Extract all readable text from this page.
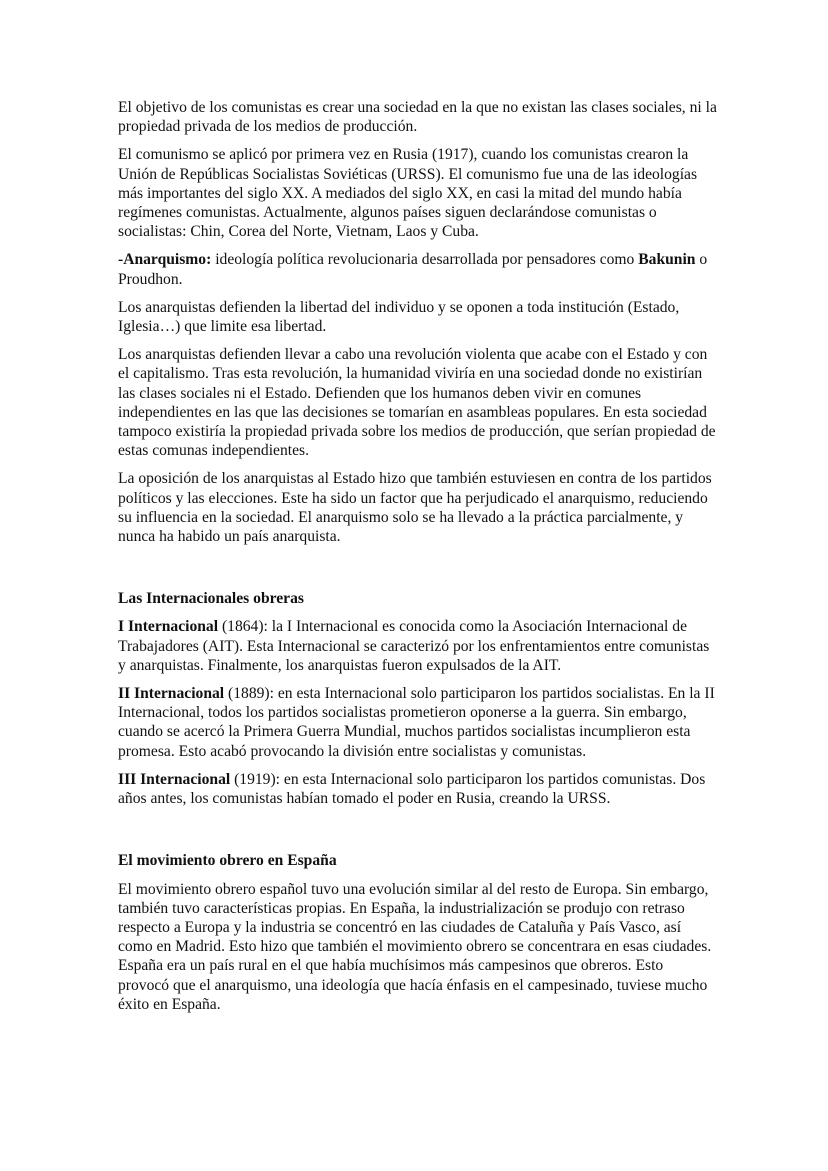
El objetivo de los comunistas es crear una sociedad en la que no existan las clases sociales, ni la propiedad privada de los medios de producción.

El comunismo se aplicó por primera vez en Rusia (1917), cuando los comunistas crearon la Unión de Repúblicas Socialistas Soviéticas (URSS). El comunismo fue una de las ideologías más importantes del siglo XX. A mediados del siglo XX, en casi la mitad del mundo había regímenes comunistas. Actualmente, algunos países siguen declarándose comunistas o socialistas: Chin, Corea del Norte, Vietnam, Laos y Cuba.

-Anarquismo: ideología política revolucionaria desarrollada por pensadores como Bakunin o Proudhon.

Los anarquistas defienden la libertad del individuo y se oponen a toda institución (Estado, Iglesia…) que limite esa libertad.

Los anarquistas defienden llevar a cabo una revolución violenta que acabe con el Estado y con el capitalismo. Tras esta revolución, la humanidad viviría en una sociedad donde no existirían las clases sociales ni el Estado. Defienden que los humanos deben vivir en comunes independientes en las que las decisiones se tomarían en asambleas populares. En esta sociedad tampoco existiría la propiedad privada sobre los medios de producción, que serían propiedad de estas comunas independientes.

La oposición de los anarquistas al Estado hizo que también estuviesen en contra de los partidos políticos y las elecciones. Este ha sido un factor que ha perjudicado el anarquismo, reduciendo su influencia en la sociedad. El anarquismo solo se ha llevado a la práctica parcialmente, y nunca ha habido un país anarquista.

Las Internacionales obreras

I Internacional (1864): la I Internacional es conocida como la Asociación Internacional de Trabajadores (AIT). Esta Internacional se caracterizó por los enfrentamientos entre comunistas y anarquistas. Finalmente, los anarquistas fueron expulsados de la AIT.

II Internacional (1889): en esta Internacional solo participaron los partidos socialistas. En la II Internacional, todos los partidos socialistas prometieron oponerse a la guerra. Sin embargo, cuando se acercó la Primera Guerra Mundial, muchos partidos socialistas incumplieron esta promesa. Esto acabó provocando la división entre socialistas y comunistas.

III Internacional (1919): en esta Internacional solo participaron los partidos comunistas. Dos años antes, los comunistas habían tomado el poder en Rusia, creando la URSS.

El movimiento obrero en España

El movimiento obrero español tuvo una evolución similar al del resto de Europa. Sin embargo, también tuvo características propias. En España, la industrialización se produjo con retraso respecto a Europa y la industria se concentró en las ciudades de Cataluña y País Vasco, así como en Madrid. Esto hizo que también el movimiento obrero se concentrara en esas ciudades. España era un país rural en el que había muchísimos más campesinos que obreros. Esto provocó que el anarquismo, una ideología que hacía énfasis en el campesinado, tuviese mucho éxito en España.
